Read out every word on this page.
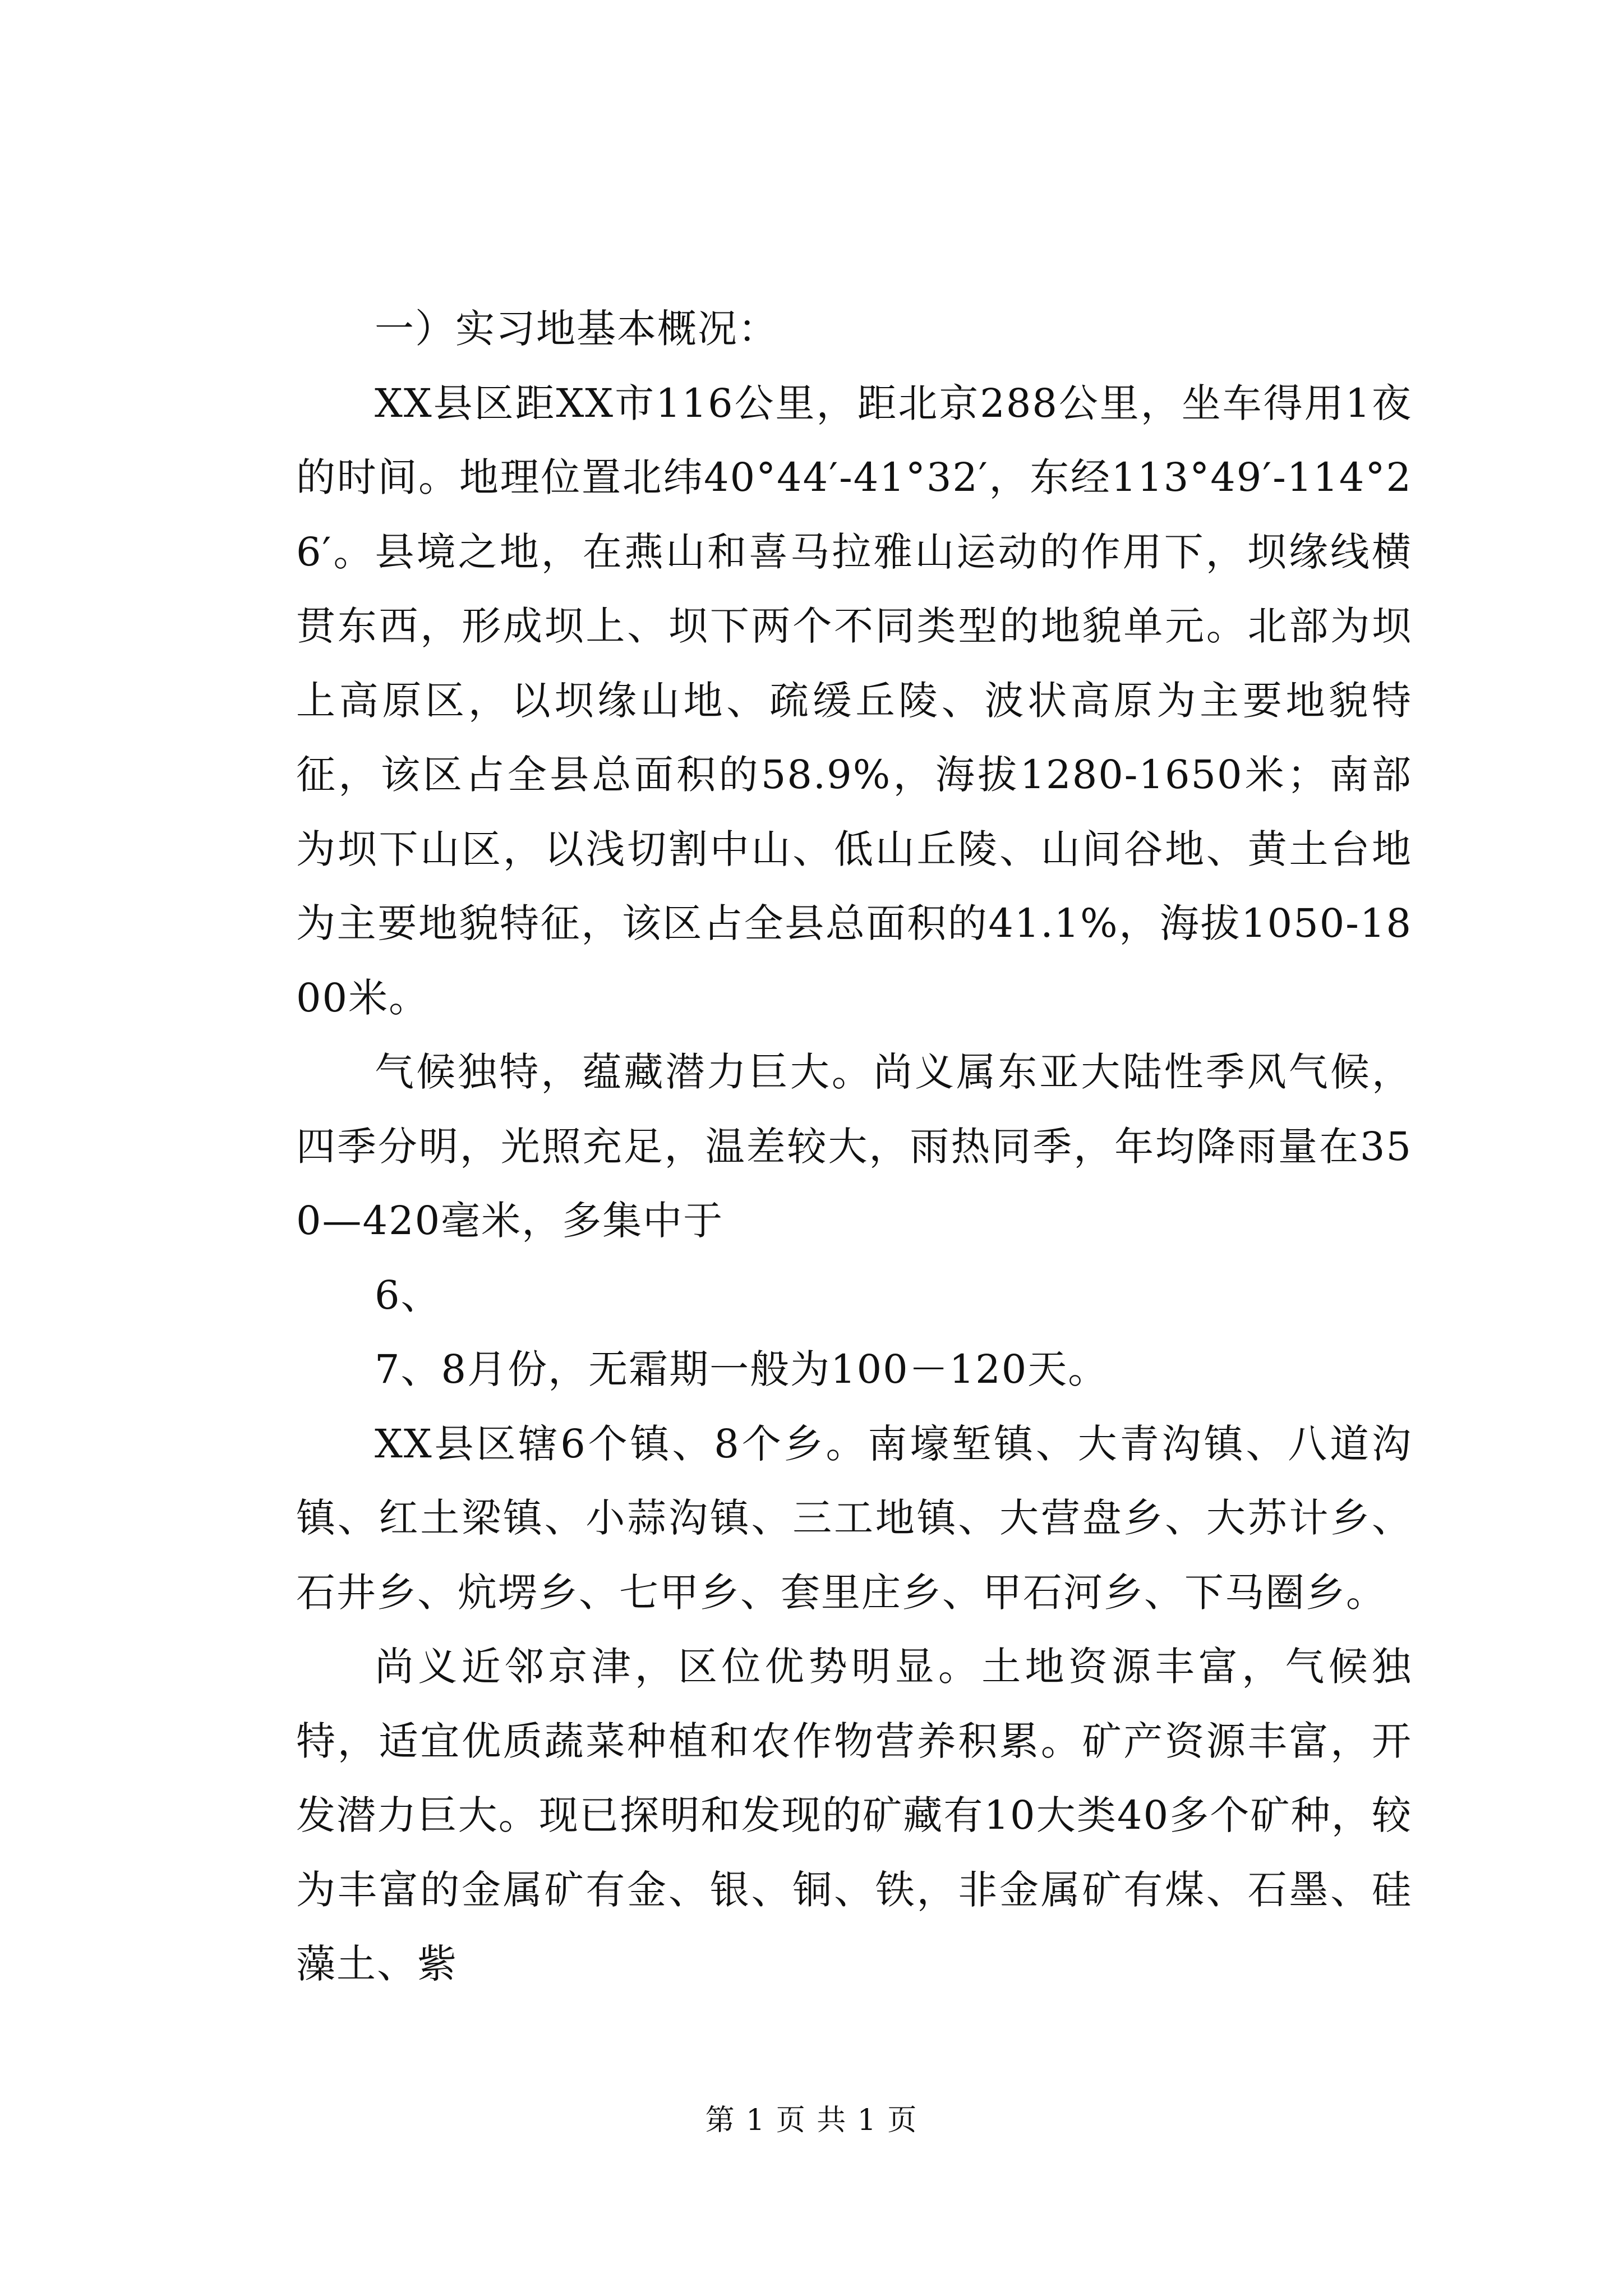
一）实习地基本概况：

XX县区距XX市116公里，距北京288公里，坐车得用1夜的时间。地理位置北纬40°44′-41°32′，东经113°49′-114°26′。县境之地，在燕山和喜马拉雅山运动的作用下，坝缘线横贯东西，形成坝上、坝下两个不同类型的地貌单元。北部为坝上高原区，以坝缘山地、疏缓丘陵、波状高原为主要地貌特征，该区占全县总面积的58.9%，海拔1280-1650米；南部为坝下山区，以浅切割中山、低山丘陵、山间谷地、黄土台地为主要地貌特征，该区占全县总面积的41.1%，海拔1050-1800米。

气候独特，蕴藏潜力巨大。尚义属东亚大陆性季风气候，四季分明，光照充足，温差较大，雨热同季，年均降雨量在350—420毫米，多集中于

6、

7、8月份，无霜期一般为100－120天。

XX县区辖6个镇、8个乡。南壕堑镇、大青沟镇、八道沟镇、红土梁镇、小蒜沟镇、三工地镇、大营盘乡、大苏计乡、石井乡、炕塄乡、七甲乡、套里庄乡、甲石河乡、下马圈乡。

尚义近邻京津，区位优势明显。土地资源丰富，气候独特，适宜优质蔬菜种植和农作物营养积累。矿产资源丰富，开发潜力巨大。现已探明和发现的矿藏有10大类40多个矿种，较为丰富的金属矿有金、银、铜、铁，非金属矿有煤、石墨、硅藻土、紫

第 1 页 共 1 页
